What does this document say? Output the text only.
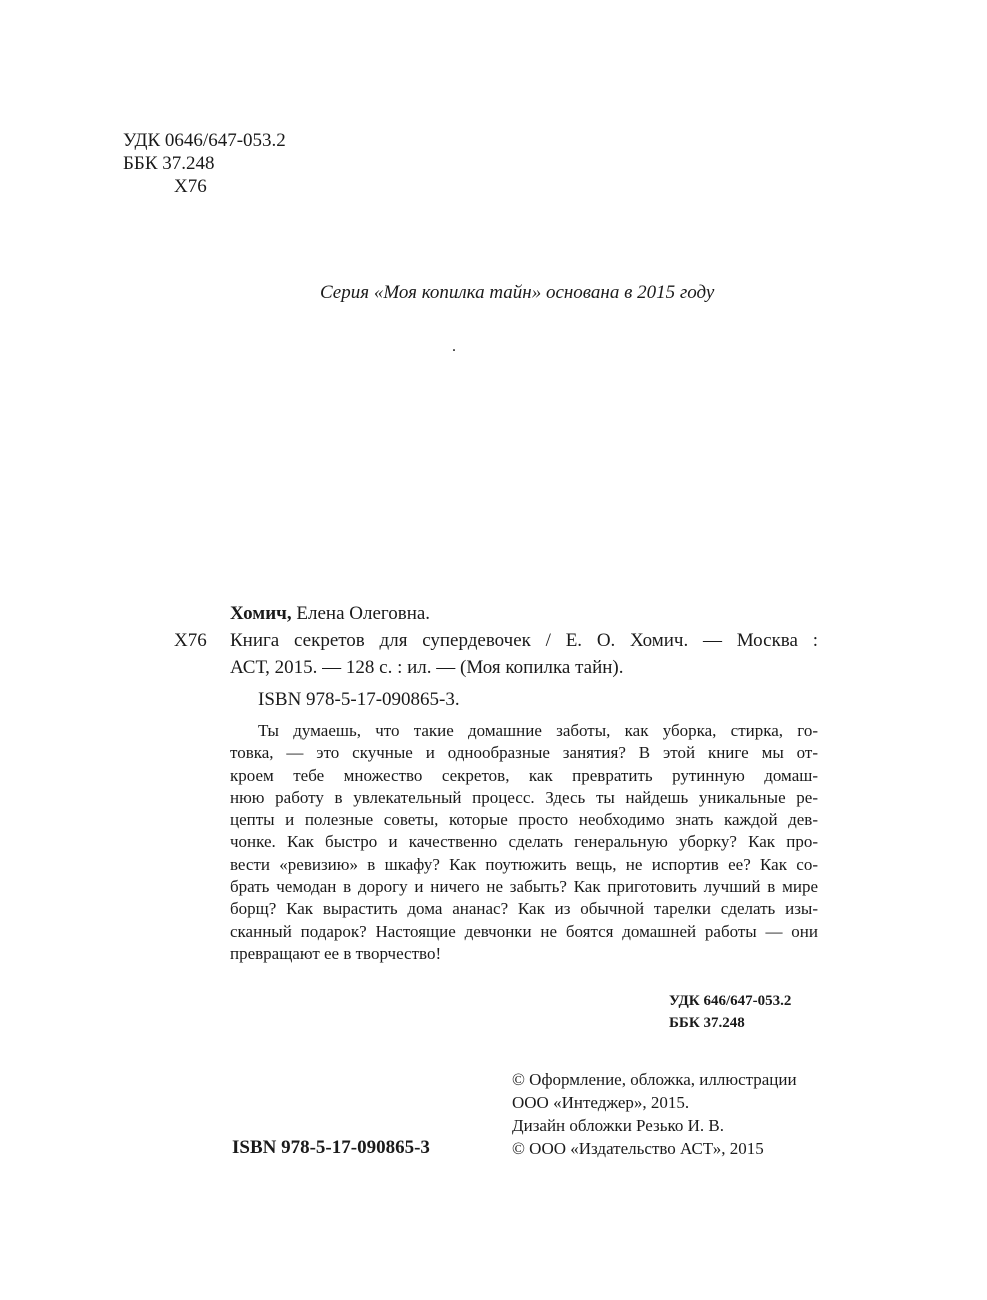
УДК 0646/647-053.2
ББК 37.248
Х76
Серия «Моя копилка тайн» основана в 2015 году
.
Хомич, Елена Олеговна.
Х76 Книга секретов для супердевочек / Е. О. Хомич. — Москва :
АСТ, 2015. — 128 с. : ил. — (Моя копилка тайн).
ISBN 978-5-17-090865-3.
Ты думаешь, что такие домашние заботы, как уборка, стирка, го-
товка, — это скучные и однообразные занятия? В этой книге мы от-
кроем тебе множество секретов, как превратить рутинную домаш-
нюю работу в увлекательный процесс. Здесь ты найдешь уникальные ре-
цепты и полезные советы, которые просто необходимо знать каждой дев-
чонке. Как быстро и качественно сделать генеральную уборку? Как про-
вести «ревизию» в шкафу? Как поутюжить вещь, не испортив ее? Как со-
брать чемодан в дорогу и ничего не забыть? Как приготовить лучший в мире
борщ? Как вырастить дома ананас? Как из обычной тарелки сделать изы-
сканный подарок? Настоящие девчонки не боятся домашней работы — они
превращают ее в творчество!
УДК 646/647-053.2
ББК 37.248
© Оформление, обложка, иллюстрации
ООО «Интеджер», 2015.
Дизайн обложки Резько И. В.
© ООО «Издательство АСТ», 2015
ISBN 978-5-17-090865-3
